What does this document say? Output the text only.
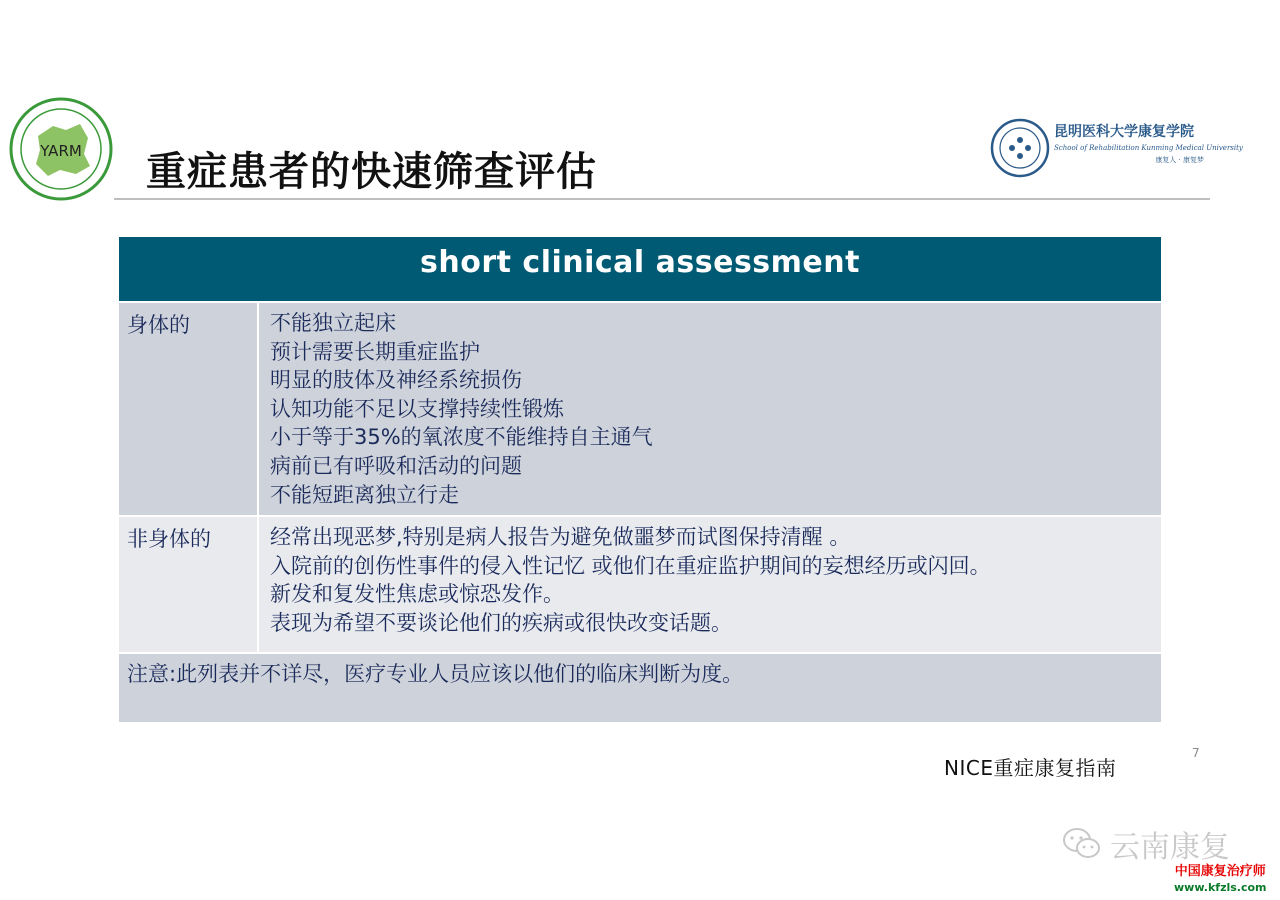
YARM 重症患者的快速筛查评估
昆明医科大学康复学院
School of Rehabilitation Kunming Medical University
康复人 · 康复梦
short clinical assessment
身体的	不能独立起床
预计需要长期重症监护
明显的肢体及神经系统损伤
认知功能不足以支撑持续性锻炼
小于等于35%的氧浓度不能维持自主通气
病前已有呼吸和活动的问题
不能短距离独立行走
非身体的	经常出现恶梦,特别是病人报告为避免做噩梦而试图保持清醒 。
入院前的创伤性事件的侵入性记忆 或他们在重症监护期间的妄想经历或闪回。
新发和复发性焦虑或惊恐发作。
表现为希望不要谈论他们的疾病或很快改变话题。
注意:此列表并不详尽，医疗专业人员应该以他们的临床判断为度。
NICE重症康复指南
7
云南康复
中国康复治疗师
www.kfzls.com
